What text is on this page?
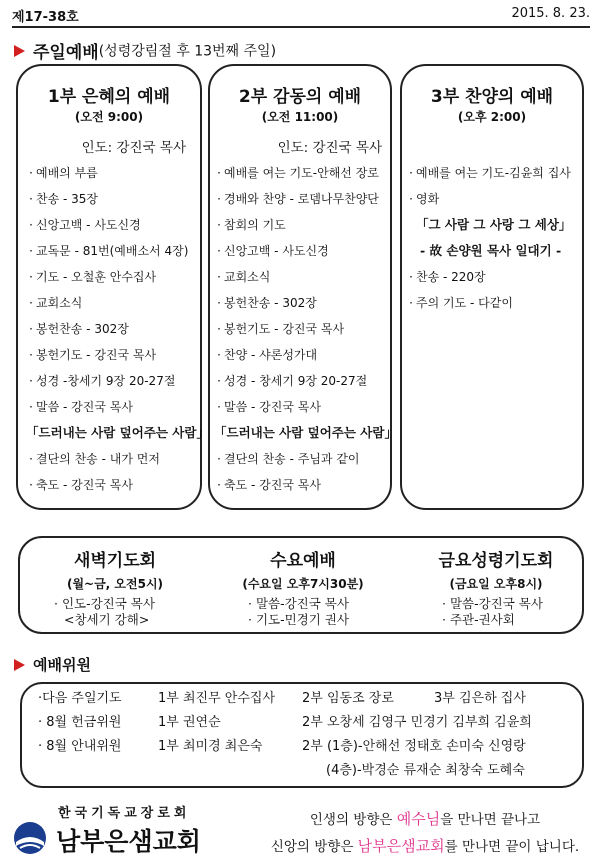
제17-38호	2015. 8. 23.
주일예배(성령강림절 후 13번째 주일)
1부 은혜의 예배
(오전 9:00)
인도: 강진국 목사
· 예배의 부름
· 찬송 - 35장
· 신앙고백 - 사도신경
· 교독문 - 81번(예배소서 4장)
· 기도 - 오철훈 안수집사
· 교회소식
· 봉헌찬송 - 302장
· 봉헌기도 - 강진국 목사
· 성경 -창세기 9장 20-27절
· 말씀 - 강진국 목사
「드러내는 사람 덮어주는 사람」
· 결단의 찬송 - 내가 먼저
· 축도 - 강진국 목사
2부 감동의 예배
(오전 11:00)
인도: 강진국 목사
· 예배를 여는 기도-안해선 장로
· 경배와 찬양 - 로뎀나무찬양단
· 참회의 기도
· 신앙고백 - 사도신경
· 교회소식
· 봉헌찬송 - 302장
· 봉헌기도 - 강진국 목사
· 찬양 - 샤론성가대
· 성경 - 창세기 9장 20-27절
· 말씀 - 강진국 목사
「드러내는 사람 덮어주는 사람」
· 결단의 찬송 - 주님과 같이
· 축도 - 강진국 목사
3부 찬양의 예배
(오후 2:00)
· 예배를 여는 기도-김윤희 집사
· 영화
「그 사람 그 사랑 그 세상」
- 故 손양원 목사 일대기 -
· 찬송 - 220장
· 주의 기도 - 다같이
새벽기도회
(월~금, 오전5시)
· 인도-강진국 목사
<창세기 강해>
수요예배
(수요일 오후7시30분)
· 말씀-강진국 목사
· 기도-민경기 권사
금요성령기도회
(금요일 오후8시)
· 말씀-강진국 목사
· 주관-권사회
예배위원
·다음 주일기도	1부 최진무 안수집사 2부 임동조 장로	3부 김은하 집사
· 8월 헌금위원	1부 권연순	2부 오창세 김영구 민경기 김부희 김윤희
· 8월 안내위원	1부 최미경 최은숙	2부 (1층)-안해선 정태호 손미숙 신영랑
(4층)-박경순 류재순 최창숙 도혜숙
한국기독교장로회
남부은샘교회
인생의 방향은 예수님을 만나면 끝나고
신앙의 방향은 남부은샘교회를 만나면 끝이 납니다.
